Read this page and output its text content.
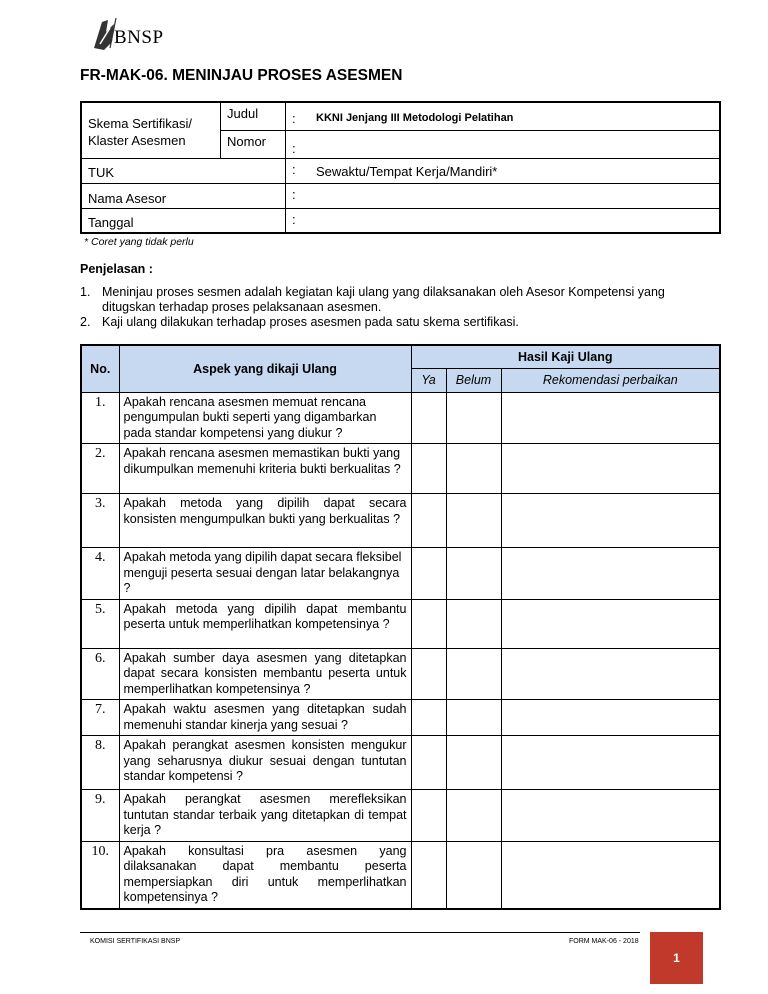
BNSP
FR-MAK-06. MENINJAU PROSES ASESMEN
Skema Sertifikasi/ Klaster Asesmen	Judul	:	KKNI Jenjang III Metodologi Pelatihan
	Nomor	:	
TUK		:	Sewaktu/Tempat Kerja/Mandiri*
Nama Asesor		:	
Tanggal		:	
* Coret yang tidak perlu
Penjelasan :
1. Meninjau proses sesmen adalah kegiatan kaji ulang yang dilaksanakan oleh Asesor Kompetensi yang ditugskan terhadap proses pelaksanaan asesmen.
2. Kaji ulang dilakukan terhadap proses asesmen pada satu skema sertifikasi.
No.	Aspek yang dikaji Ulang	Hasil Kaji Ulang		
		Ya	Belum	Rekomendasi perbaikan
1.	Apakah rencana asesmen memuat rencana pengumpulan bukti seperti yang digambarkan pada standar kompetensi yang diukur ?			
2.	Apakah rencana asesmen memastikan bukti yang dikumpulkan memenuhi kriteria bukti berkualitas ?			
3.	Apakah metoda yang dipilih dapat secara konsisten mengumpulkan bukti yang berkualitas ?			
4.	Apakah metoda yang dipilih dapat secara fleksibel menguji peserta sesuai dengan latar belakangnya ?			
5.	Apakah metoda yang dipilih dapat membantu peserta untuk memperlihatkan kompetensinya ?			
6.	Apakah sumber daya asesmen yang ditetapkan dapat secara konsisten membantu peserta untuk memperlihatkan kompetensinya ?			
7.	Apakah waktu asesmen yang ditetapkan sudah memenuhi standar kinerja yang sesuai ?			
8.	Apakah perangkat asesmen konsisten mengukur yang seharusnya diukur sesuai dengan tuntutan standar kompetensi ?			
9.	Apakah perangkat asesmen merefleksikan tuntutan standar terbaik yang ditetapkan di tempat kerja ?			
10.	Apakah konsultasi pra asesmen yang dilaksanakan dapat membantu peserta mempersiapkan diri untuk memperlihatkan kompetensinya ?			
KOMISI SERTIFIKASI BNSP	FORM MAK-06 - 2018
1
